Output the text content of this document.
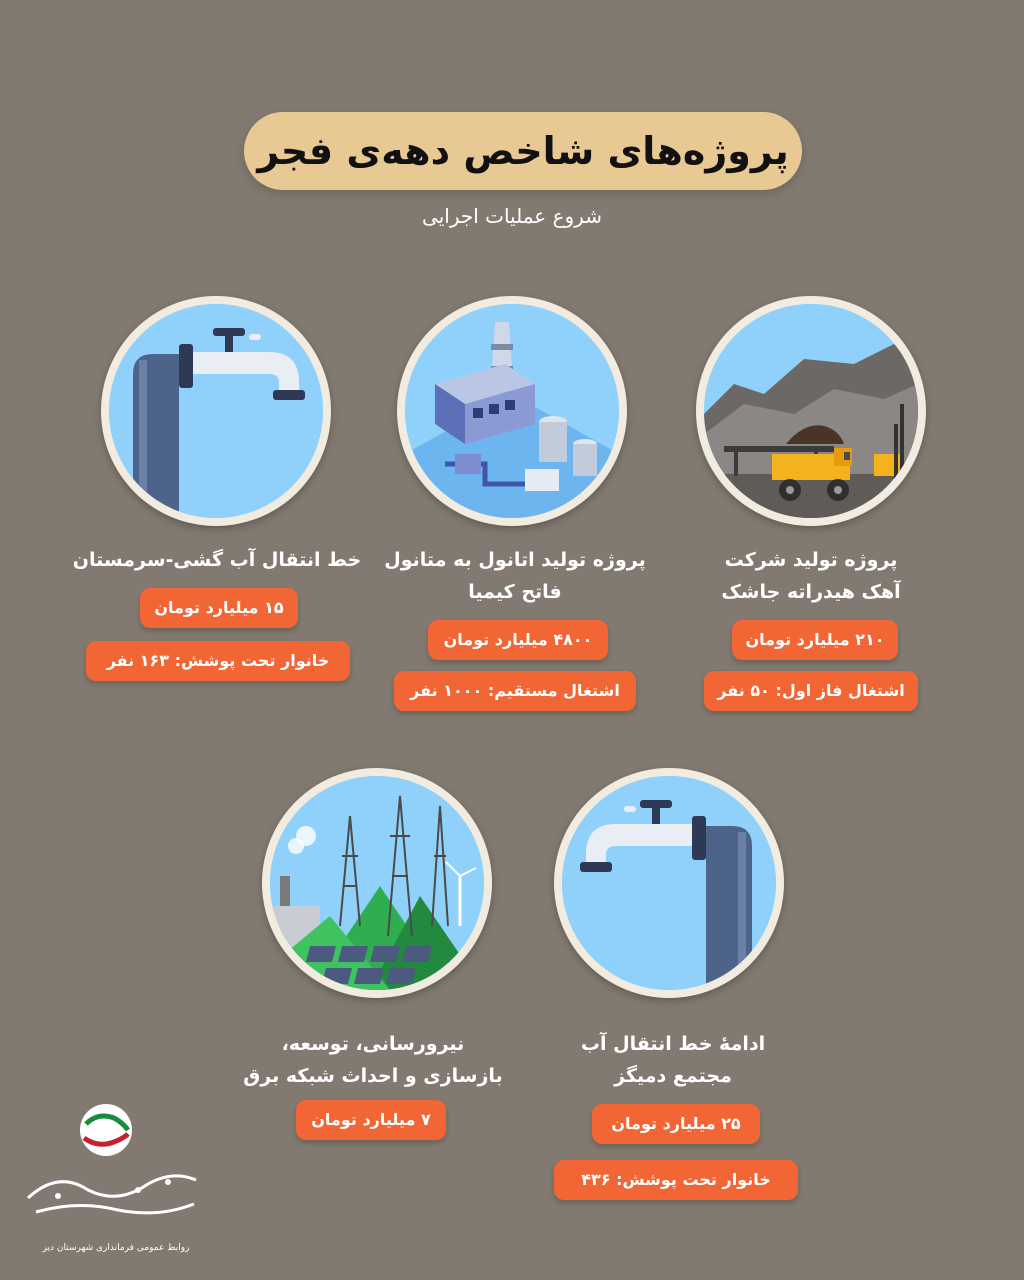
پروژه‌های شاخص دهه‌ی فجر
شروع عملیات اجرایی
پروژه تولید شرکت
آهک هیدراته جاشک
۲۱۰ میلیارد تومان
اشتغال فاز اول: ۵۰ نفر
پروژه تولید اتانول به متانول
فاتح کیمیا
۴۸۰۰ میلیارد تومان
اشتغال مستقیم: ۱۰۰۰ نفر
خط انتقال آب گشی-سرمستان
۱۵ میلیارد تومان
خانوار تحت پوشش: ۱۶۳ نفر
ادامهٔ خط انتقال آب
مجتمع دمیگز
۲۵ میلیارد تومان
خانوار تحت پوشش: ۴۳۶
نیرورسانی، توسعه،
بازسازی و احداث شبکه برق
۷ میلیارد تومان
روابط عمومی فرمانداری شهرستان دیر
